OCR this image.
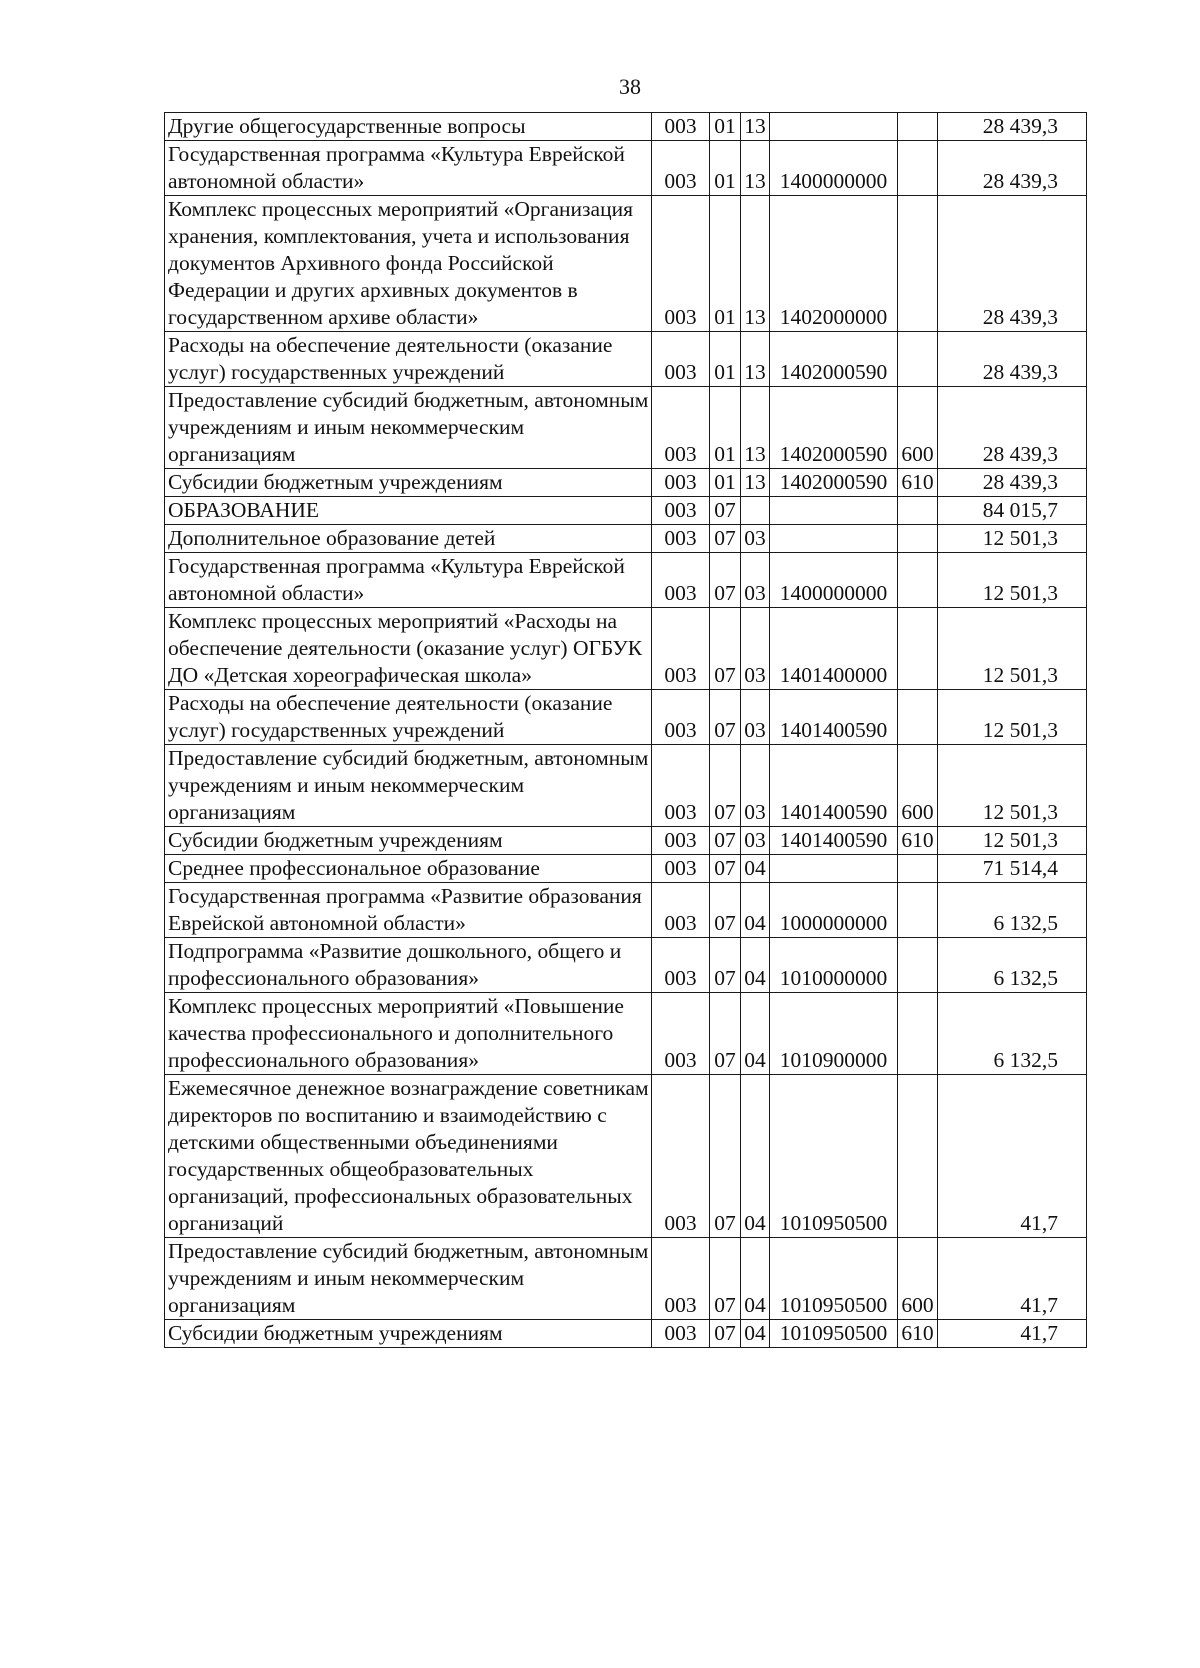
38
Другие общегосударственные вопросы	003	01	13			28 439,3
Государственная программа «Культура Еврейской автономной области»	003	01	13	1400000000		28 439,3
Комплекс процессных мероприятий «Организация хранения, комплектования, учета и использования документов Архивного фонда Российской Федерации и других архивных документов в государственном архиве области»	003	01	13	1402000000		28 439,3
Расходы на обеспечение деятельности (оказание услуг) государственных учреждений	003	01	13	1402000590		28 439,3
Предоставление субсидий бюджетным, автономным учреждениям и иным некоммерческим организациям	003	01	13	1402000590	600	28 439,3
Субсидии бюджетным учреждениям	003	01	13	1402000590	610	28 439,3
ОБРАЗОВАНИЕ	003	07				84 015,7
Дополнительное образование детей	003	07	03			12 501,3
Государственная программа «Культура Еврейской автономной области»	003	07	03	1400000000		12 501,3
Комплекс процессных мероприятий «Расходы на обеспечение деятельности (оказание услуг) ОГБУК ДО «Детская хореографическая школа»	003	07	03	1401400000		12 501,3
Расходы на обеспечение деятельности (оказание услуг) государственных учреждений	003	07	03	1401400590		12 501,3
Предоставление субсидий бюджетным, автономным учреждениям и иным некоммерческим организациям	003	07	03	1401400590	600	12 501,3
Субсидии бюджетным учреждениям	003	07	03	1401400590	610	12 501,3
Среднее профессиональное образование	003	07	04			71 514,4
Государственная программа «Развитие образования Еврейской автономной области»	003	07	04	1000000000		6 132,5
Подпрограмма «Развитие дошкольного, общего и профессионального образования»	003	07	04	1010000000		6 132,5
Комплекс процессных мероприятий «Повышение качества профессионального и дополнительного профессионального образования»	003	07	04	1010900000		6 132,5
Ежемесячное денежное вознаграждение советникам директоров по воспитанию и взаимодействию с детскими общественными объединениями государственных общеобразовательных организаций, профессиональных образовательных организаций	003	07	04	1010950500		41,7
Предоставление субсидий бюджетным, автономным учреждениям и иным некоммерческим организациям	003	07	04	1010950500	600	41,7
Субсидии бюджетным учреждениям	003	07	04	1010950500	610	41,7
